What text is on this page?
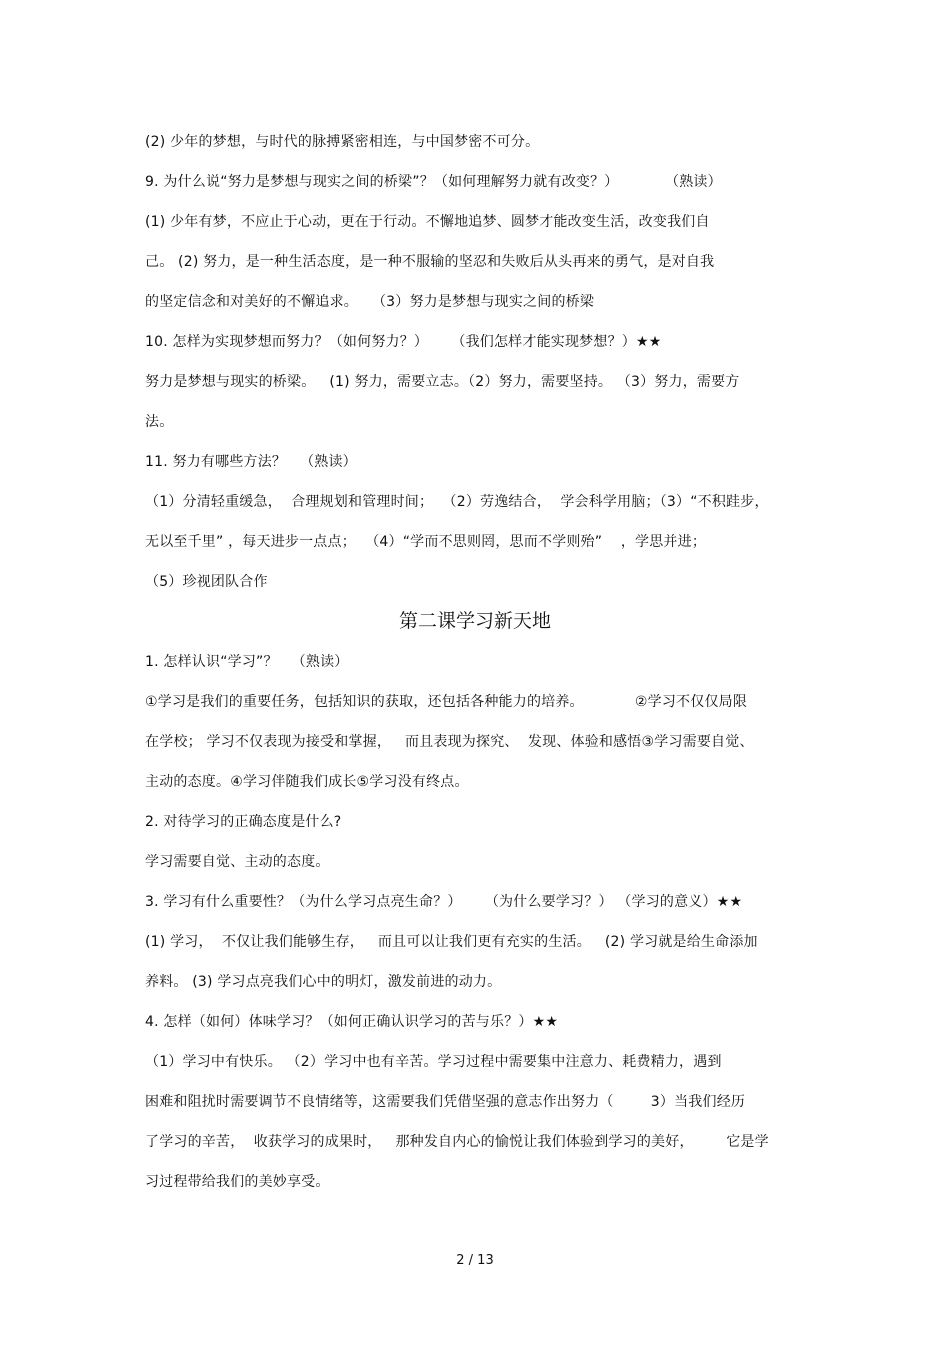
(2) 少年的梦想，与时代的脉搏紧密相连，与中国梦密不可分。
9. 为什么说“努力是梦想与现实之间的桥梁”？（如何理解努力就有改变？）          （熟读）
(1) 少年有梦，不应止于心动，更在于行动。不懈地追梦、圆梦才能改变生活，改变我们自
己。 (2) 努力，是一种生活态度，是一种不服输的坚忍和失败后从头再来的勇气，是对自我
的坚定信念和对美好的不懈追求。   （3）努力是梦想与现实之间的桥梁
10. 怎样为实现梦想而努力？（如何努力？）     （我们怎样才能实现梦想？）★★
努力是梦想与现实的桥梁。   (1) 努力，需要立志。（2）努力，需要坚持。 （3）努力，需要方
法。
11. 努力有哪些方法？   （熟读）
（1）分清轻重缓急，  合理规划和管理时间；  （2）劳逸结合，  学会科学用脑；（3）“不积跬步，
无以至千里” ，每天进步一点点；  （4）“学而不思则罔，思而不学则殆”    ，学思并进；
（5）珍视团队合作
第二课学习新天地
1. 怎样认识“学习”？   （熟读）
①学习是我们的重要任务，包括知识的获取，还包括各种能力的培养。           ②学习不仅仅局限
在学校； 学习不仅表现为接受和掌握，   而且表现为探究、  发现、体验和感悟③学习需要自觉、
主动的态度。④学习伴随我们成长⑤学习没有终点。
2. 对待学习的正确态度是什么?
学习需要自觉、主动的态度。
3. 学习有什么重要性？（为什么学习点亮生命？）     （为什么要学习？） （学习的意义）★★
(1) 学习，  不仅让我们能够生存，   而且可以让我们更有充实的生活。   (2) 学习就是给生命添加
养料。 (3) 学习点亮我们心中的明灯，激发前进的动力。
4. 怎样（如何）体味学习？（如何正确认识学习的苦与乐？）★★
（1）学习中有快乐。 （2）学习中也有辛苦。学习过程中需要集中注意力、耗费精力，遇到
困难和阻扰时需要调节不良情绪等，这需要我们凭借坚强的意志作出努力（        3）当我们经历
了学习的辛苦，  收获学习的成果时，   那种发自内心的愉悦让我们体验到学习的美好，       它是学
习过程带给我们的美妙享受。
2 / 13
